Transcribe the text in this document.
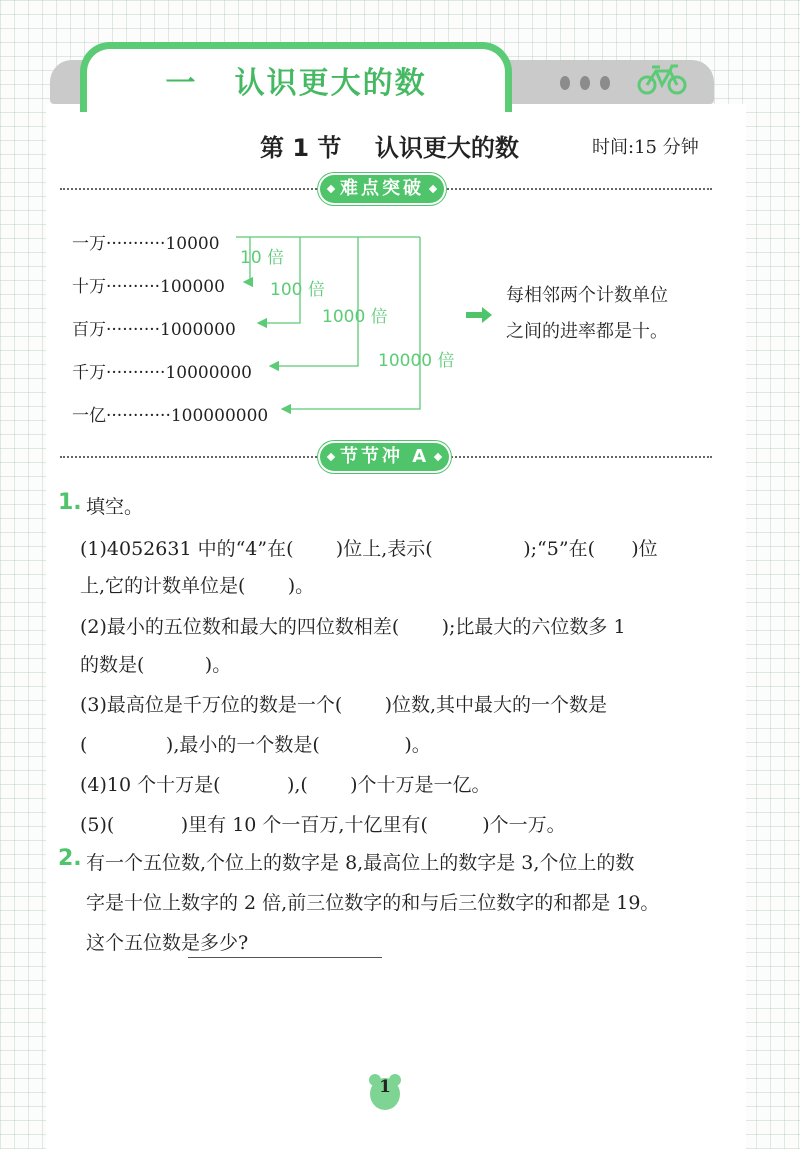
一   认识更大的数
第 1 节    认识更大的数	时间:15 分钟
难点突破
一万···········10000
十万··········100000
百万··········1000000
千万···········10000000
一亿············100000000
10 倍
100 倍
1000 倍
10000 倍
每相邻两个计数单位
之间的进率都是十。
节节冲 A
1. 填空。
(1)4052631 中的“4”在(       )位上,表示(               );“5”在(      )位
上,它的计数单位是(       )。
(2)最小的五位数和最大的四位数相差(       );比最大的六位数多 1
的数是(          )。
(3)最高位是千万位的数是一个(       )位数,其中最大的一个数是
(             ),最小的一个数是(              )。
(4)10 个十万是(           ),(       )个十万是一亿。
(5)(           )里有 10 个一百万,十亿里有(         )个一万。
2. 有一个五位数,个位上的数字是 8,最高位上的数字是 3,个位上的数
字是十位上数字的 2 倍,前三位数字的和与后三位数字的和都是 19。
这个五位数是多少?
1
